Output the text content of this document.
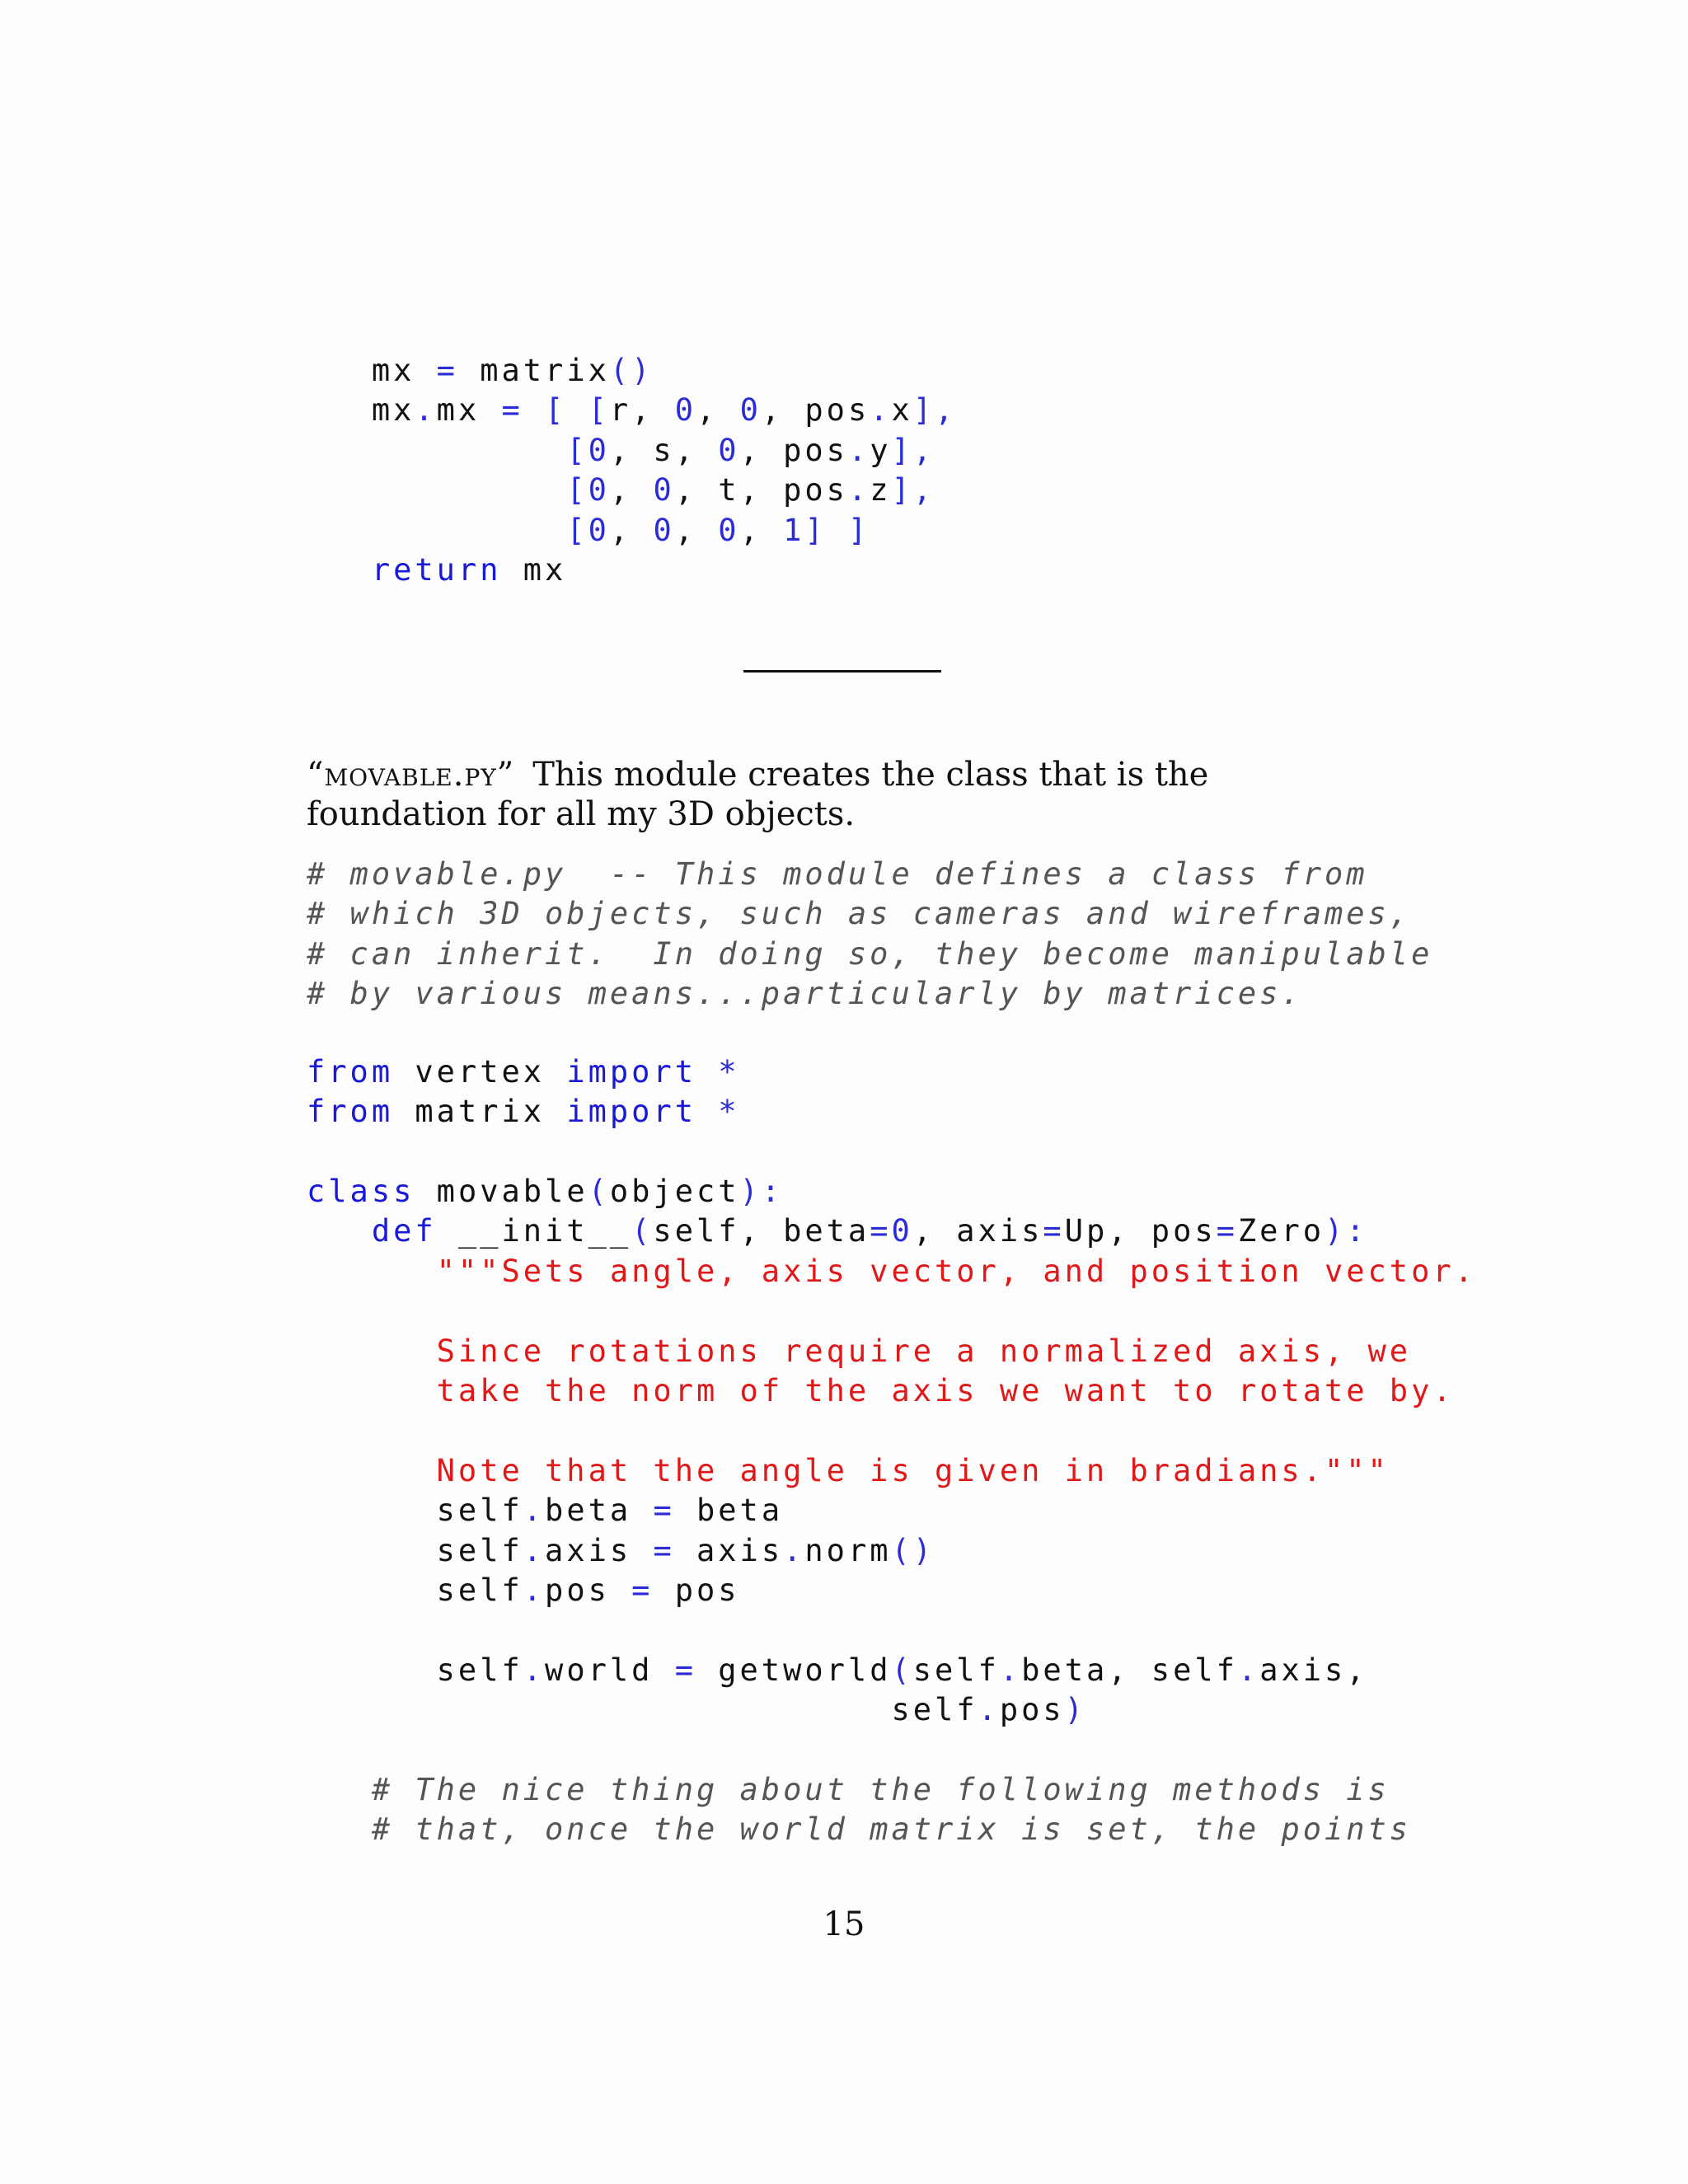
mx = matrix()
mx.mx = [ [r, 0, 0, pos.x],
[0, s, 0, pos.y],
[0, 0, t, pos.z],
[0, 0, 0, 1] ]
return mx
“movable.py” This module creates the class that is the foundation for all my 3D objects.
# movable.py  -- This module defines a class from
# which 3D objects, such as cameras and wireframes,
# can inherit.  In doing so, they become manipulable
# by various means...particularly by matrices.
from vertex import *
from matrix import *
class movable(object):
def __init__(self, beta=0, axis=Up, pos=Zero):
"""Sets angle, axis vector, and position vector.

Since rotations require a normalized axis, we
take the norm of the axis we want to rotate by.

Note that the angle is given in bradians."""
self.beta = beta
self.axis = axis.norm()
self.pos = pos

self.world = getworld(self.beta, self.axis,
self.pos)

# The nice thing about the following methods is
# that, once the world matrix is set, the points
15
